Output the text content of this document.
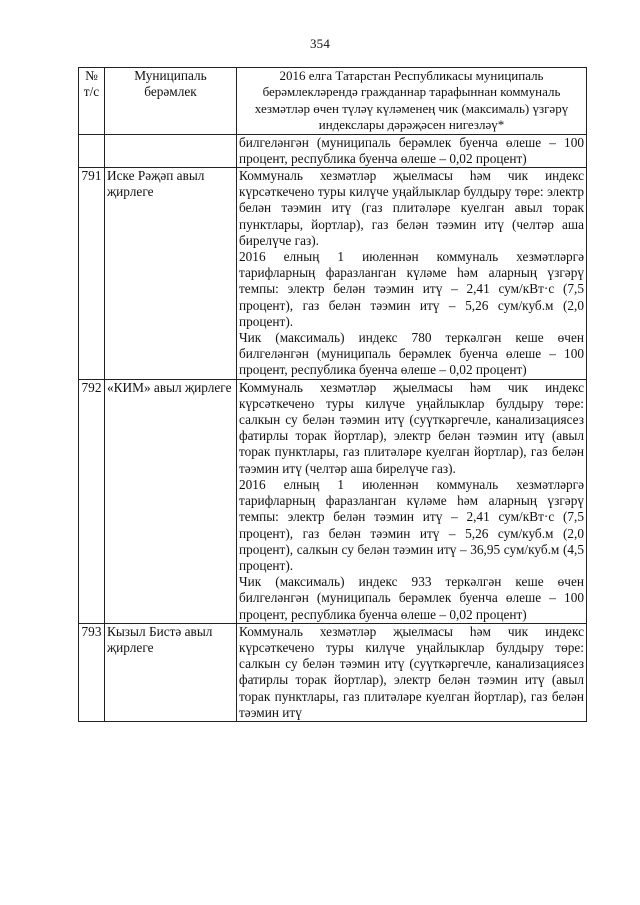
354
№ т/с	Муниципаль берәмлек	2016 елга Татарстан Республикасы муниципаль берәмлекләрендә гражданнар тарафыннан коммуналь хезмәтләр өчен түләү күләменең чик (максималь) үзгәрү индекслары дәрәҗәсен нигезләү*
		билгеләнгән (муниципаль берәмлек буенча өлеше – 100 процент, республика буенча өлеше – 0,02 процент)
791	Иске Рәҗәп авыл җирлеге	Коммуналь хезмәтләр җыелмасы һәм чик индекс күрсәткечено туры килүче уңайлыклар булдыру төре: электр белән тәэмин итү (газ плитәләре куелган авыл торак пунктлары, йортлар), газ белән тәэмин итү (чeлтәр аша бирелүче газ).

2016 елның 1 июленнән коммуналь хезмәтләргә тарифларның фаразланган күләме һәм аларның үзгәрү темпы: электр белән тәэмин итү – 2,41 сум/кВт·с (7,5 процент), газ белән тәэмин итү – 5,26 сум/куб.м (2,0 процент).

Чик (максималь) индекс 780 теркәлгән кеше өчен билгеләнгән (муниципаль берәмлек буенча өлеше – 100 процент, республика буенча өлеше – 0,02 процент)

792	«КИМ» авыл җирлеге	Коммуналь хезмәтләр җыелмасы һәм чик индекс күрсәткечено туры килүче уңайлыклар булдыру төре: салкын су белән тәэмин итү (суүткәргечле, канализациясез фатирлы торак йортлар), электр белән тәэмин итү (авыл торак пунктлары, газ плитәләре куелган йортлар), газ белән тәэмин итү (чeлтәр аша бирелүче газ).

2016 елның 1 июленнән коммуналь хезмәтләргә тарифларның фаразланган күләме һәм аларның үзгәрү темпы: электр белән тәэмин итү – 2,41 сум/кВт·с (7,5 процент), газ белән тәэмин итү – 5,26 сум/куб.м (2,0 процент), салкын су белән тәэмин итү – 36,95 сум/куб.м (4,5 процент).

Чик (максималь) индекс 933 теркәлгән кеше өчен билгеләнгән (муниципаль берәмлек буенча өлеше – 100 процент, республика буенча өлеше – 0,02 процент)

793	Кызыл Бистә авыл җирлеге	Коммуналь хезмәтләр җыелмасы һәм чик индекс күрсәткечено туры килүче уңайлыклар булдыру төре: салкын су белән тәэмин итү (суүткәргечле, канализациясез фатирлы торак йортлар), электр белән тәэмин итү (авыл торак пунктлары, газ плитәләре куелган йортлар), газ белән тәэмин итү
